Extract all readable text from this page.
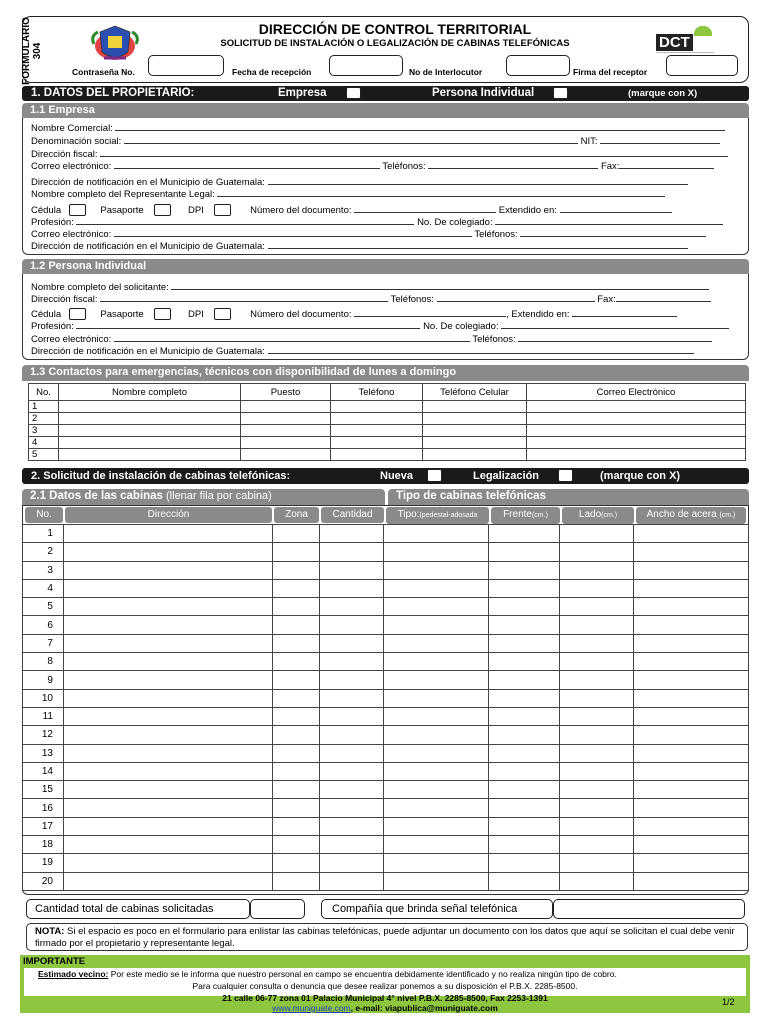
FORMULARIO 304
DIRECCIÓN DE CONTROL TERRITORIAL
SOLICITUD DE INSTALACIÓN O LEGALIZACIÓN DE CABINAS TELEFÓNICAS	DCT
Contraseña No.	Fecha de recepción	No de Interlocutor	Firma del receptor
1. DATOS DEL PROPIETARIO:	Empresa	Persona Individual	(marque con X)
1.1 Empresa
Nombre Comercial:
Denominación social:	NIT:
Dirección fiscal:
Correo electrónico:	Teléfonos:	Fax:
Dirección de notificación en el Municipio de Guatemala:
Nombre completo del Representante Legal:
Cédula	Pasaporte	DPI	Número del documento:	Extendido en:
Profesión:	No. De colegiado:
Correo electrónico:	Teléfonos:
Dirección de notificación en el Municipio de Guatemala:
1.2 Persona Individual
Nombre completo del solicitante:
Dirección fiscal:	Teléfonos:	Fax:
Cédula	Pasaporte	DPI	Número del documento:	, Extendido en:
Profesión:	No. De colegiado:
Correo electrónico:	Teléfonos:
Dirección de notificación en el Municipio de Guatemala:
1.3 Contactos para emergencias, técnicos con disponibilidad de lunes a domingo
No.	Nombre completo	Puesto	Teléfono	Teléfono Celular	Correo Electrónico
1					
2					
3					
4					
5					
2. Solicitud de instalación de cabinas telefónicas:	Nueva	Legalización	(marque con X)
2.1 Datos de las cabinas (llenar fila por cabina)	Tipo de cabinas telefónicas
No.	Dirección	Zona	Cantidad	Tipo:(pedestal-adosada	Frente(cm.)	Lado(cm.)	Ancho de acera (cm.)
1							
2							
3							
4							
5							
6							
7							
8							
9							
10							
11							
12							
13							
14							
15							
16							
17							
18							
19							
20							
Cantidad total de cabinas solicitadas	Compañía que brinda señal telefónica
NOTA: Si el espacio es poco en el formulario para enlistar las cabinas telefónicas, puede adjuntar un documento con los datos que aquí se solicitan el cual debe venir firmado por el propietario y representante legal.
IMPORTANTE
Estimado vecino: Por este medio se le informa que nuestro personal en campo se encuentra debidamente identificado y no realiza ningún tipo de cobro.
Para cualquier consulta o denuncia que desee realizar ponemos a su disposición el P.B.X. 2285-8500.
21 calle 06-77 zona 01 Palacio Municipal 4° nivel P.B.X. 2285-8500, Fax 2253-1391
www.muniguate.com, e-mail: viapublica@muniguate.com
1/2
